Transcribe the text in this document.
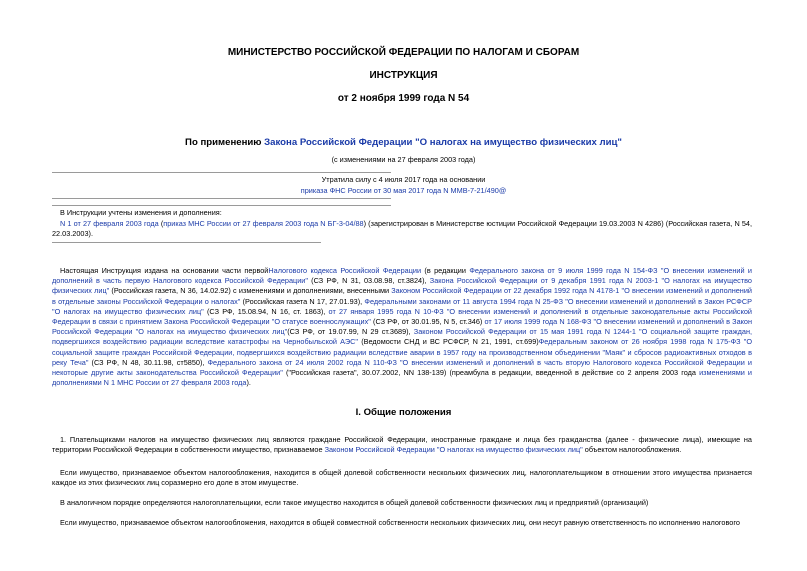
МИНИСТЕРСТВО РОССИЙСКОЙ ФЕДЕРАЦИИ ПО НАЛОГАМ И СБОРАМ
ИНСТРУКЦИЯ
от 2 ноября 1999 года N 54
По применению Закона Российской Федерации "О налогах на имущество физических лиц"
(с изменениями на 27 февраля 2003 года)
Утратила силу с 4 июля 2017 года на основании
приказа ФНС России от 30 мая 2017 года N ММВ-7-21/490@
В Инструкции учтены изменения и дополнения:
N 1 от 27 февраля 2003 года (приказ МНС России от 27 февраля 2003 года N БГ-3-04/88) (зарегистрирован в Министерстве юстиции Российской Федерации 19.03.2003 N 4286) (Российская газета, N 54, 22.03.2003).
Настоящая Инструкция издана на основании части первойНалогового кодекса Российской Федерации (в редакции Федерального закона от 9 июля 1999 года N 154-ФЗ "О внесении изменений и дополнений в часть первую Налогового кодекса Российской Федерации" (СЗ РФ, N 31, 03.08.98, ст.3824), Закона Российской Федерации от 9 декабря 1991 года N 2003-1 "О налогах на имущество физических лиц" (Российская газета, N 36, 14.02.92) с изменениями и дополнениями, внесенными Законом Российской Федерации от 22 декабря 1992 года N 4178-1 "О внесении изменений и дополнений в отдельные законы Российской Федерации о налогах" (Российская газета N 17, 27.01.93), Федеральными законами от 11 августа 1994 года N 25-ФЗ "О внесении изменений и дополнений в Закон РСФСР "О налогах на имущество физических лиц" (СЗ РФ, 15.08.94, N 16, ст. 1863), от 27 января 1995 года N 10-ФЗ "О внесении изменений и дополнений в отдельные законодательные акты Российской Федерации в связи с принятием Закона Российской Федерации "О статусе военнослужащих" (СЗ РФ, от 30.01.95, N 5, ст.346) от 17 июля 1999 года N 168-ФЗ "О внесении изменений и дополнений в Закон Российской Федерации "О налогах на имущество физических лиц"(СЗ РФ, от 19.07.99, N 29 ст.3689), Законом Российской Федерации от 15 мая 1991 года N 1244-1 "О социальной защите граждан, подвергшихся воздействию радиации вследствие катастрофы на Чернобыльской АЭС" (Ведомости СНД и ВС РСФСР, N 21, 1991, ст.699)Федеральным законом от 26 ноября 1998 года N 175-ФЗ "О социальной защите граждан Российской Федерации, подвергшихся воздействию радиации вследствие аварии в 1957 году на производственном объединении "Маяк" и сбросов радиоактивных отходов в реку Теча" (СЗ РФ, N 48, 30.11.98, ст5850), Федерального закона от 24 июля 2002 года N 110-ФЗ "О внесении изменений и дополнений в часть вторую Налогового кодекса Российской Федерации и некоторые другие акты законодательства Российской Федерации" ("Российская газета", 30.07.2002, NN 138-139) (преамбула в редакции, введенной в действие со 2 апреля 2003 года изменениями и дополнениями N 1 МНС России от 27 февраля 2003 года).
I. Общие положения
1. Плательщиками налогов на имущество физических лиц являются граждане Российской Федерации, иностранные граждане и лица без гражданства (далее - физические лица), имеющие на территории Российской Федерации в собственности имущество, признаваемое Законом Российской Федерации "О налогах на имущество физических лиц" объектом налогообложения.
Если имущество, признаваемое объектом налогообложения, находится в общей долевой собственности нескольких физических лиц, налогоплательщиком в отношении этого имущества признается каждое из этих физических лиц соразмерно его доле в этом имуществе.
В аналогичном порядке определяются налогоплательщики, если такое имущество находится в общей долевой собственности физических лиц и предприятий (организаций)
Если имущество, признаваемое объектом налогообложения, находится в общей совместной собственности нескольких физических лиц, они несут равную ответственность по исполнению налогового
